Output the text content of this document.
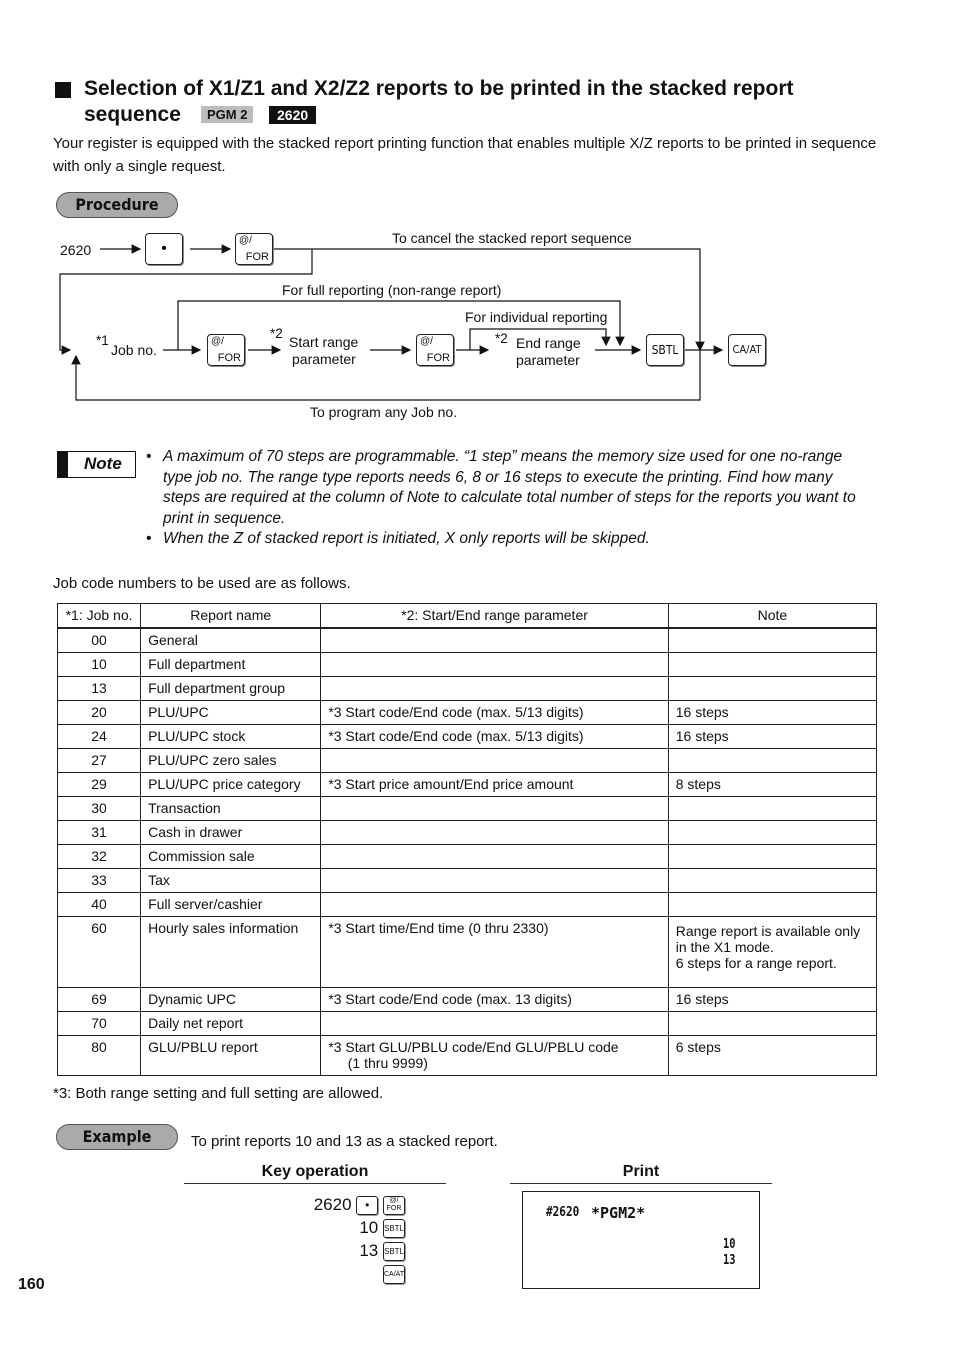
Selection of X1/Z1 and X2/Z2 reports to be printed in the stacked report
sequence	PGM 2	2620
Your register is equipped with the stacked report printing function that enables multiple X/Z reports to be printed in sequence with only a single request.
Procedure
2620	•	@/
FOR
To cancel the stacked report sequence
For full reporting (non-range report)
For individual reporting
*1
Job no.
@/
FOR
*2
Start range
parameter
@/
FOR
*2 End range
parameter
SBTL	CA/AT
To program any Job no.
Note • A maximum of 70 steps are programmable. “1 step” means the memory size used for one no-range type job no. The range type reports needs 6, 8 or 16 steps to execute the printing. Find how many steps are required at the column of Note to calculate total number of steps for the reports you want to print in sequence.
• When the Z of stacked report is initiated, X only reports will be skipped.
Job code numbers to be used are as follows.
*1: Job no.	Report name	*2: Start/End range parameter	Note
00	General		
10	Full department		
13	Full department group		
20	PLU/UPC	*3 Start code/End code (max. 5/13 digits)	16 steps
24	PLU/UPC stock	*3 Start code/End code (max. 5/13 digits)	16 steps
27	PLU/UPC zero sales		
29	PLU/UPC price category	*3 Start price amount/End price amount	8 steps
30	Transaction		
31	Cash in drawer		
32	Commission sale		
33	Tax		
40	Full server/cashier		
60	Hourly sales information	*3 Start time/End time (0 thru 2330)	Range report is available only in the X1 mode.
6 steps for a range report.
69	Dynamic UPC	*3 Start code/End code (max. 13 digits)	16 steps
70	Daily net report		
80	GLU/PBLU report	*3 Start GLU/PBLU code/End GLU/PBLU code
(1 thru 9999)	6 steps
*3: Both range setting and full setting are allowed.
Example	To print reports 10 and 13 as a stacked report.
Key operation	Print
2620 •	@/
FOR
10 SBTL
13 SBTL
CA/AT
#2620 *PGM2*
10
13
160
